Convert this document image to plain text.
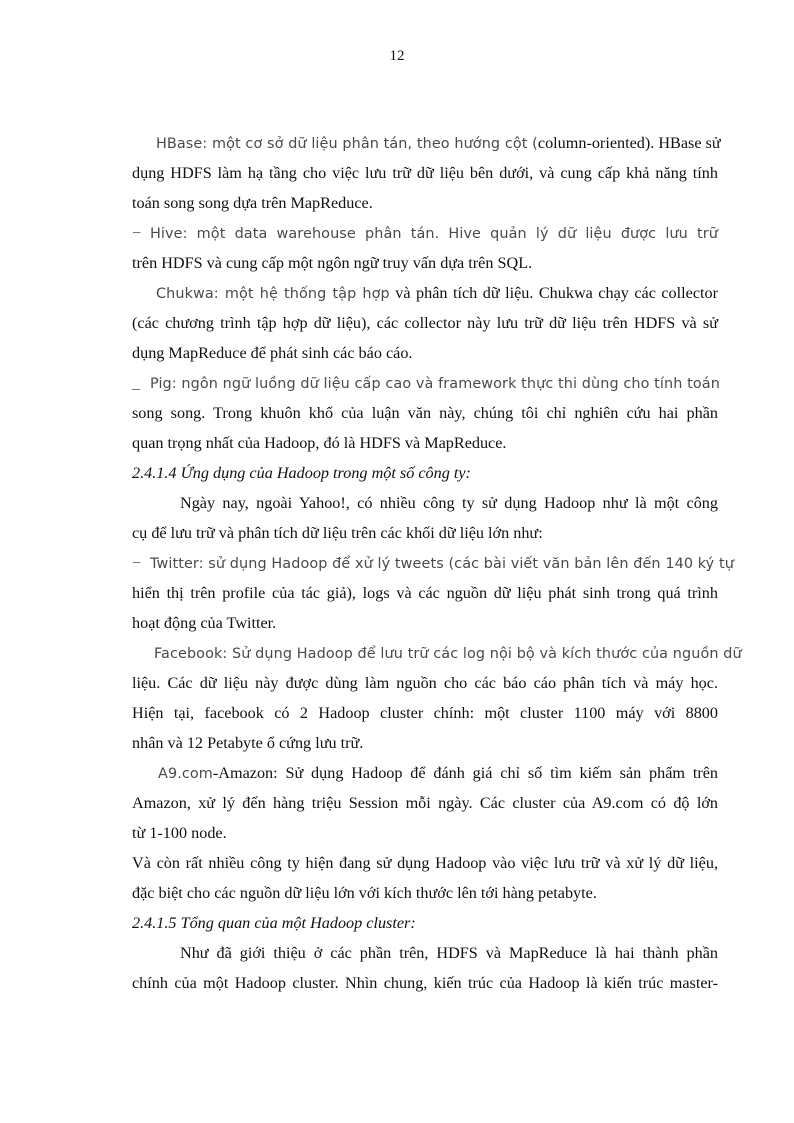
12
HBase: một cơ sở dữ liệu phân tán, theo hướng cột (column-oriented). HBase sử
dụng HDFS làm hạ tầng cho việc lưu trữ dữ liệu bên dưới, và cung cấp khả năng tính
toán song song dựa trên MapReduce.
− Hive: một data warehouse phân tán. Hive quản lý dữ liệu được lưu trữ
trên HDFS và cung cấp một ngôn ngữ truy vấn dựa trên SQL.
Chukwa: một hệ thống tập hợp và phân tích dữ liệu. Chukwa chạy các collector
(các chương trình tập hợp dữ liệu), các collector này lưu trữ dữ liệu trên HDFS và sử
dụng MapReduce để phát sinh các báo cáo.
_ Pig: ngôn ngữ luồng dữ liệu cấp cao và framework thực thi dùng cho tính toán
song song. Trong khuôn khổ của luận văn này, chúng tôi chỉ nghiên cứu hai phần
quan trọng nhất của Hadoop, đó là HDFS và MapReduce.
2.4.1.4 Ứng dụng của Hadoop trong một số công ty:
Ngày nay, ngoài Yahoo!, có nhiều công ty sử dụng Hadoop như là một công
cụ để lưu trữ và phân tích dữ liệu trên các khối dữ liệu lớn như:
− Twitter: sử dụng Hadoop để xử lý tweets (các bài viết văn bản lên đến 140 ký tự
hiển thị trên profile của tác giả), logs và các nguồn dữ liệu phát sinh trong quá trình
hoạt động của Twitter.
Facebook: Sử dụng Hadoop để lưu trữ các log nội bộ và kích thước của nguồn dữ
liệu. Các dữ liệu này được dùng làm nguồn cho các báo cáo phân tích và máy học.
Hiện tại, facebook có 2 Hadoop cluster chính: một cluster 1100 máy với 8800
nhân và 12 Petabyte ổ cứng lưu trữ.
A9.com-Amazon: Sử dụng Hadoop để đánh giá chỉ số tìm kiếm sản phẩm trên
Amazon, xử lý đến hàng triệu Session mỗi ngày. Các cluster của A9.com có độ lớn
từ 1-100 node.
Và còn rất nhiều công ty hiện đang sử dụng Hadoop vào việc lưu trữ và xử lý dữ liệu,
đặc biệt cho các nguồn dữ liệu lớn với kích thước lên tới hàng petabyte.
2.4.1.5 Tổng quan của một Hadoop cluster:
Như đã giới thiệu ở các phần trên, HDFS và MapReduce là hai thành phần
chính của một Hadoop cluster. Nhìn chung, kiến trúc của Hadoop là kiến trúc master-
